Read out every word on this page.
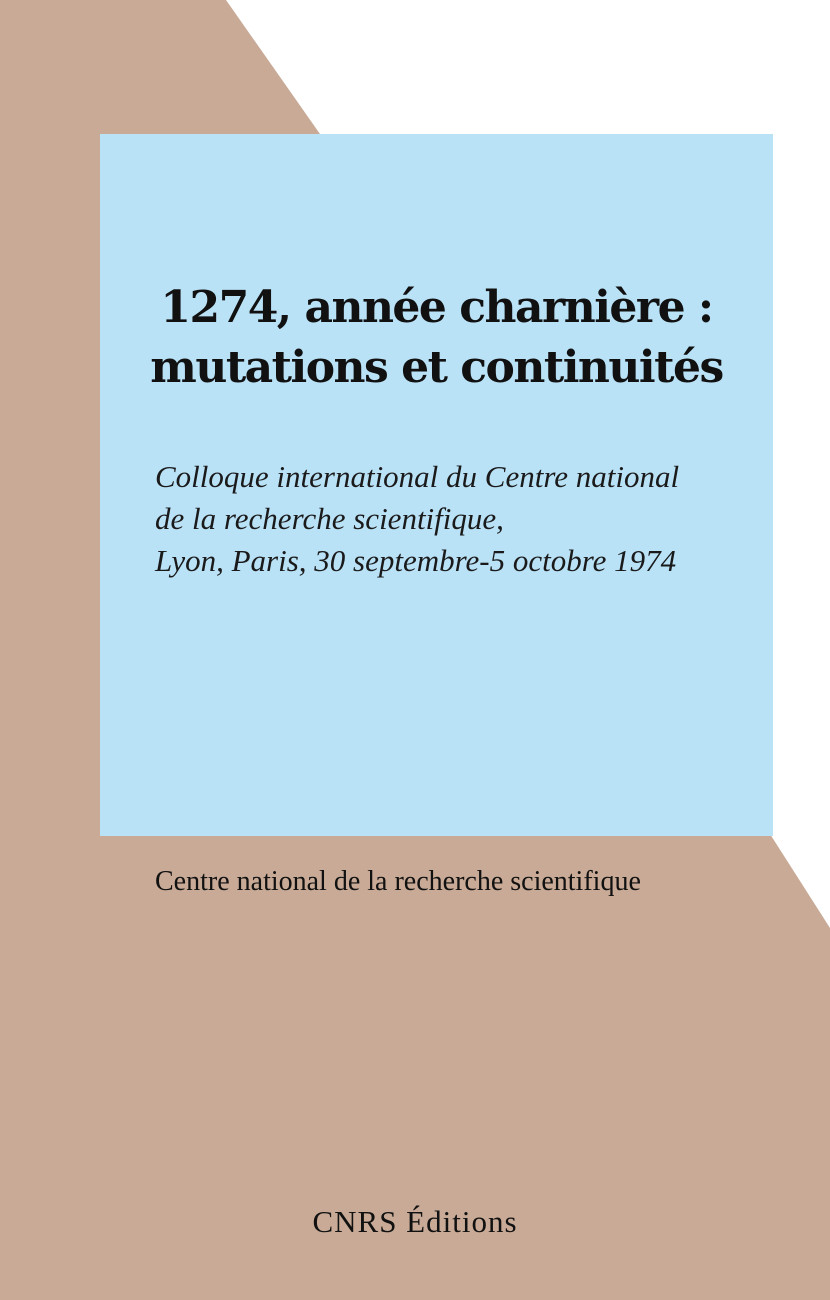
1274, année charnière :
mutations et continuités

Colloque international du Centre national
de la recherche scientifique,
Lyon, Paris, 30 septembre-5 octobre 1974

Centre national de la recherche scientifique

CNRS Éditions
